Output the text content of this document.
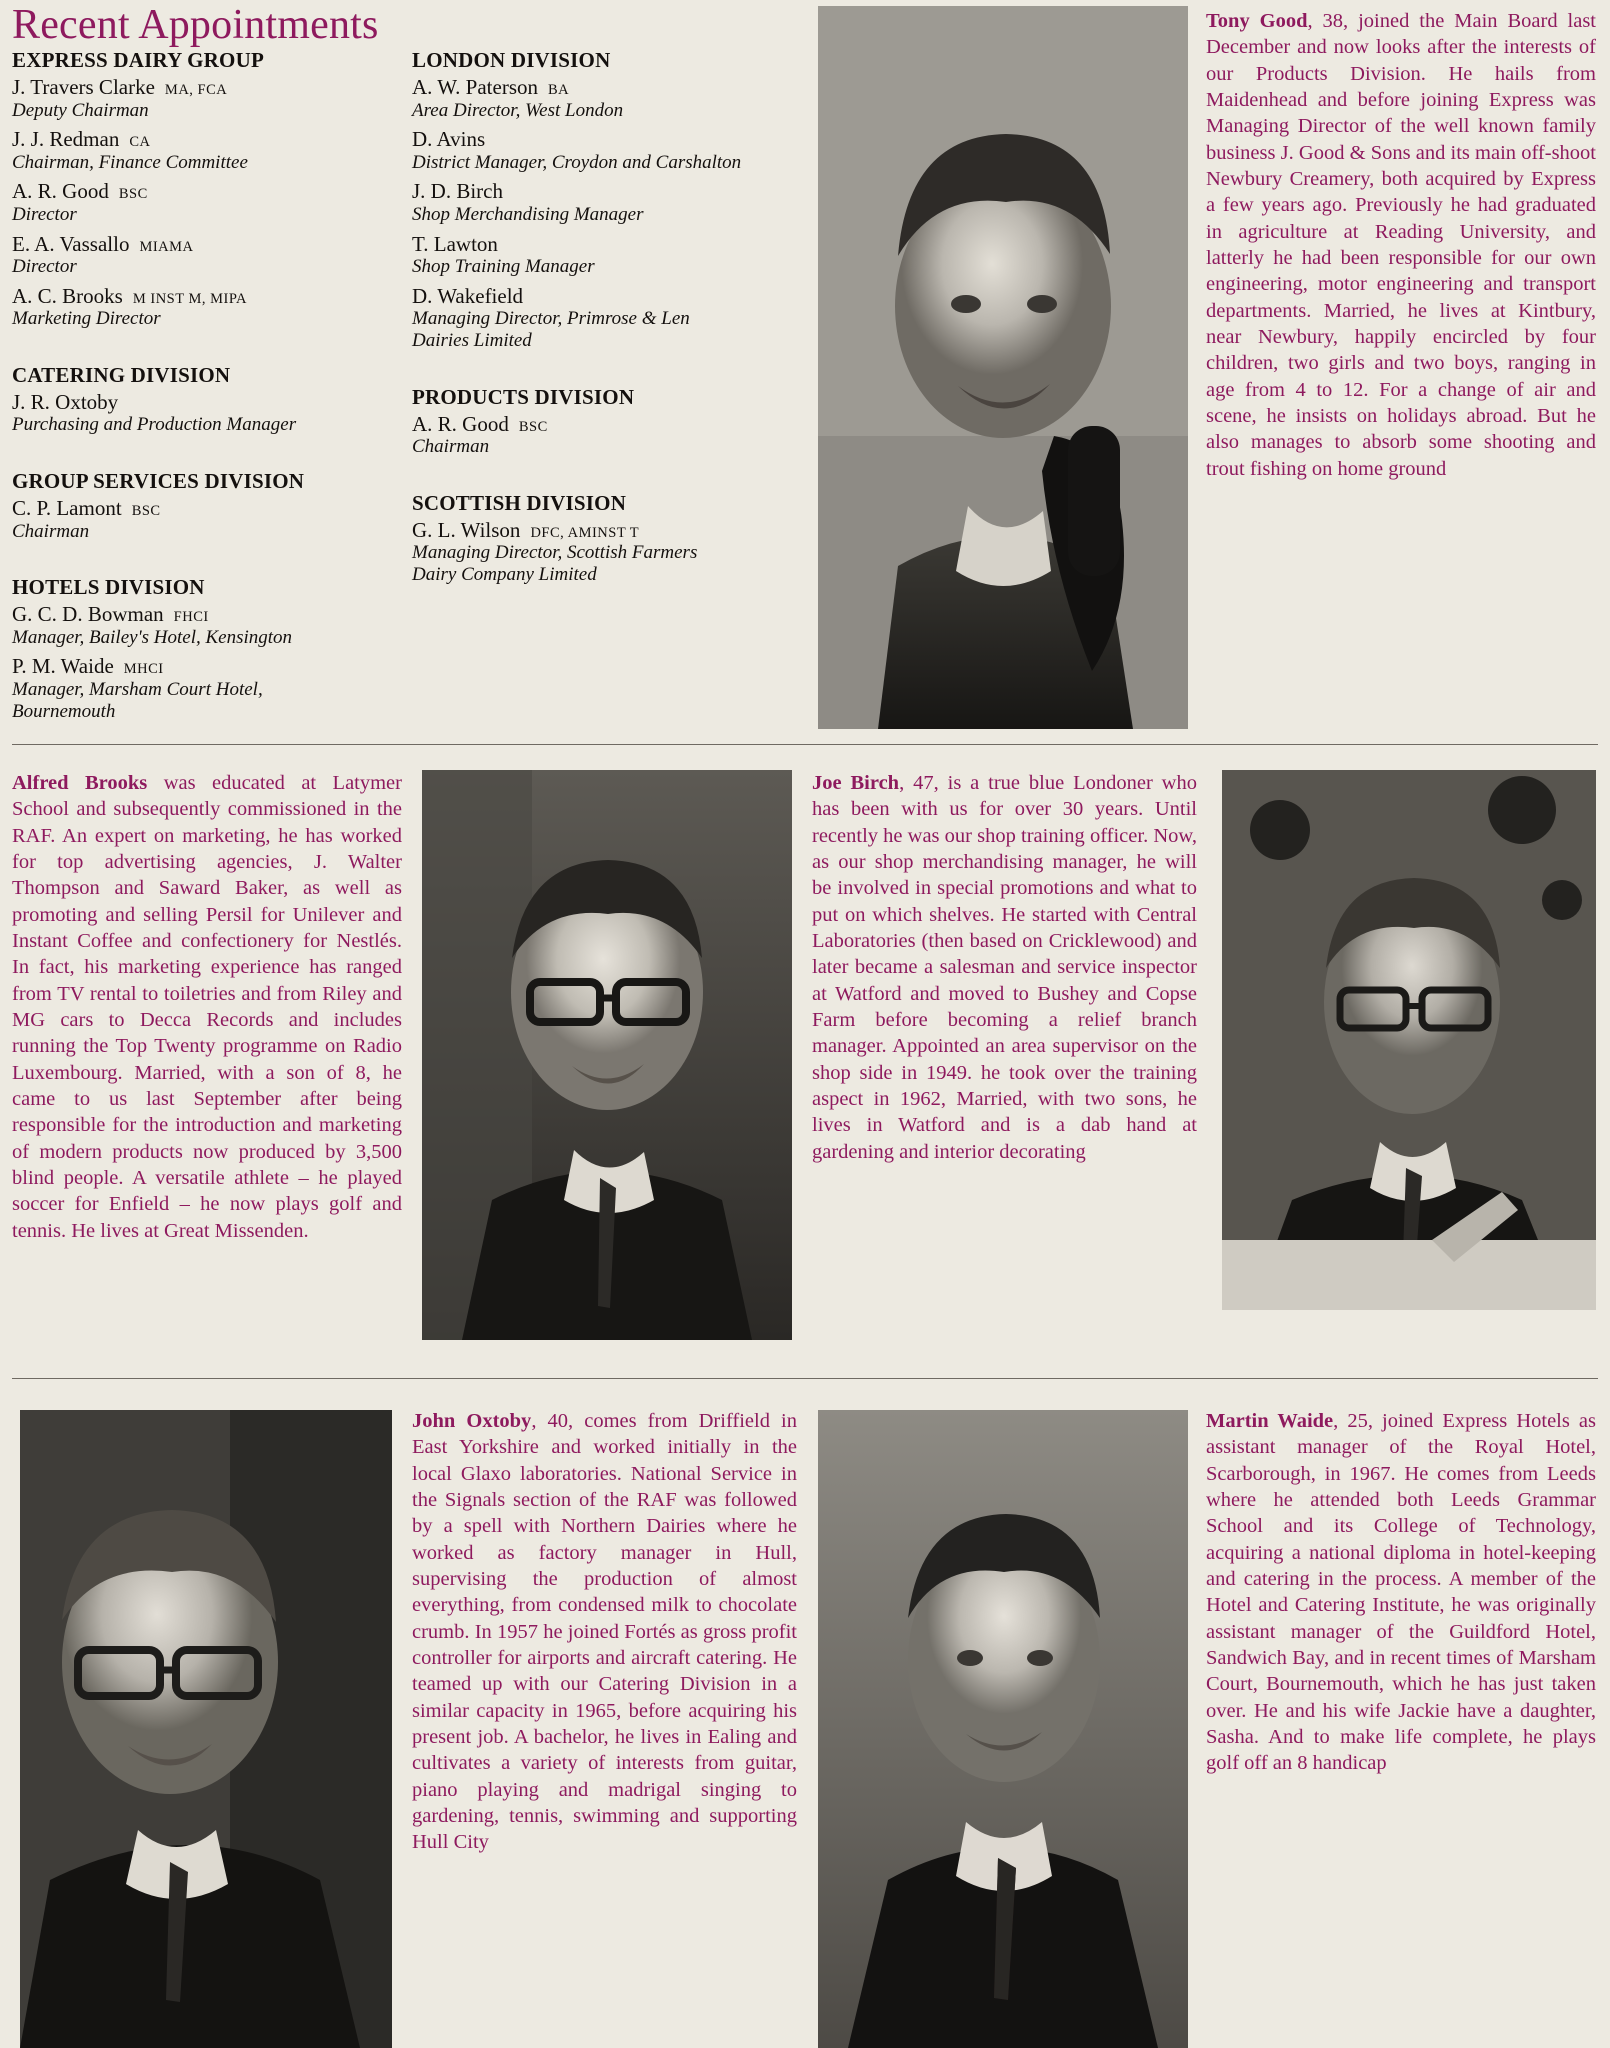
Recent Appointments
EXPRESS DAIRY GROUP
J. Travers Clarke MA, FCA
Deputy Chairman
J. J. Redman CA
Chairman, Finance Committee
A. R. Good BSC
Director
E. A. Vassallo MIAMA
Director
A. C. Brooks M INST M, MIPA
Marketing Director
CATERING DIVISION
J. R. Oxtoby
Purchasing and Production Manager
GROUP SERVICES DIVISION
C. P. Lamont BSC
Chairman
HOTELS DIVISION
G. C. D. Bowman FHCI
Manager, Bailey's Hotel, Kensington
P. M. Waide MHCI
Manager, Marsham Court Hotel, Bournemouth
LONDON DIVISION
A. W. Paterson BA
Area Director, West London
D. Avins
District Manager, Croydon and Carshalton
J. D. Birch
Shop Merchandising Manager
T. Lawton
Shop Training Manager
D. Wakefield
Managing Director, Primrose & Len Dairies Limited
PRODUCTS DIVISION
A. R. Good BSC
Chairman
SCOTTISH DIVISION
G. L. Wilson DFC, AMINST T
Managing Director, Scottish Farmers Dairy Company Limited
Tony Good, 38, joined the Main Board last December and now looks after the interests of our Products Division. He hails from Maidenhead and before joining Express was Managing Director of the well known family business J. Good & Sons and its main off-shoot Newbury Creamery, both acquired by Express a few years ago. Previously he had graduated in agriculture at Reading University, and latterly he had been responsible for our own engineering, motor engineering and transport departments. Married, he lives at Kintbury, near Newbury, happily encircled by four children, two girls and two boys, ranging in age from 4 to 12. For a change of air and scene, he insists on holidays abroad. But he also manages to absorb some shooting and trout fishing on home ground
Alfred Brooks was educated at Latymer School and subsequently commissioned in the RAF. An expert on marketing, he has worked for top advertising agencies, J. Walter Thompson and Saward Baker, as well as promoting and selling Persil for Unilever and Instant Coffee and confectionery for Nestlés. In fact, his marketing experience has ranged from TV rental to toiletries and from Riley and MG cars to Decca Records and includes running the Top Twenty programme on Radio Luxembourg. Married, with a son of 8, he came to us last September after being responsible for the introduction and marketing of modern products now produced by 3,500 blind people. A versatile athlete – he played soccer for Enfield – he now plays golf and tennis. He lives at Great Missenden.
Joe Birch, 47, is a true blue Londoner who has been with us for over 30 years. Until recently he was our shop training officer. Now, as our shop merchandising manager, he will be involved in special promotions and what to put on which shelves. He started with Central Laboratories (then based on Cricklewood) and later became a salesman and service inspector at Watford and moved to Bushey and Copse Farm before becoming a relief branch manager. Appointed an area supervisor on the shop side in 1949. he took over the training aspect in 1962, Married, with two sons, he lives in Watford and is a dab hand at gardening and interior decorating
John Oxtoby, 40, comes from Driffield in East Yorkshire and worked initially in the local Glaxo laboratories. National Service in the Signals section of the RAF was followed by a spell with Northern Dairies where he worked as factory manager in Hull, supervising the production of almost everything, from condensed milk to chocolate crumb. In 1957 he joined Fortés as gross profit controller for airports and aircraft catering. He teamed up with our Catering Division in a similar capacity in 1965, before acquiring his present job. A bachelor, he lives in Ealing and cultivates a variety of interests from guitar, piano playing and madrigal singing to gardening, tennis, swimming and supporting Hull City
Martin Waide, 25, joined Express Hotels as assistant manager of the Royal Hotel, Scarborough, in 1967. He comes from Leeds where he attended both Leeds Grammar School and its College of Technology, acquiring a national diploma in hotel-keeping and catering in the process. A member of the Hotel and Catering Institute, he was originally assistant manager of the Guildford Hotel, Sandwich Bay, and in recent times of Marsham Court, Bournemouth, which he has just taken over. He and his wife Jackie have a daughter, Sasha. And to make life complete, he plays golf off an 8 handicap
